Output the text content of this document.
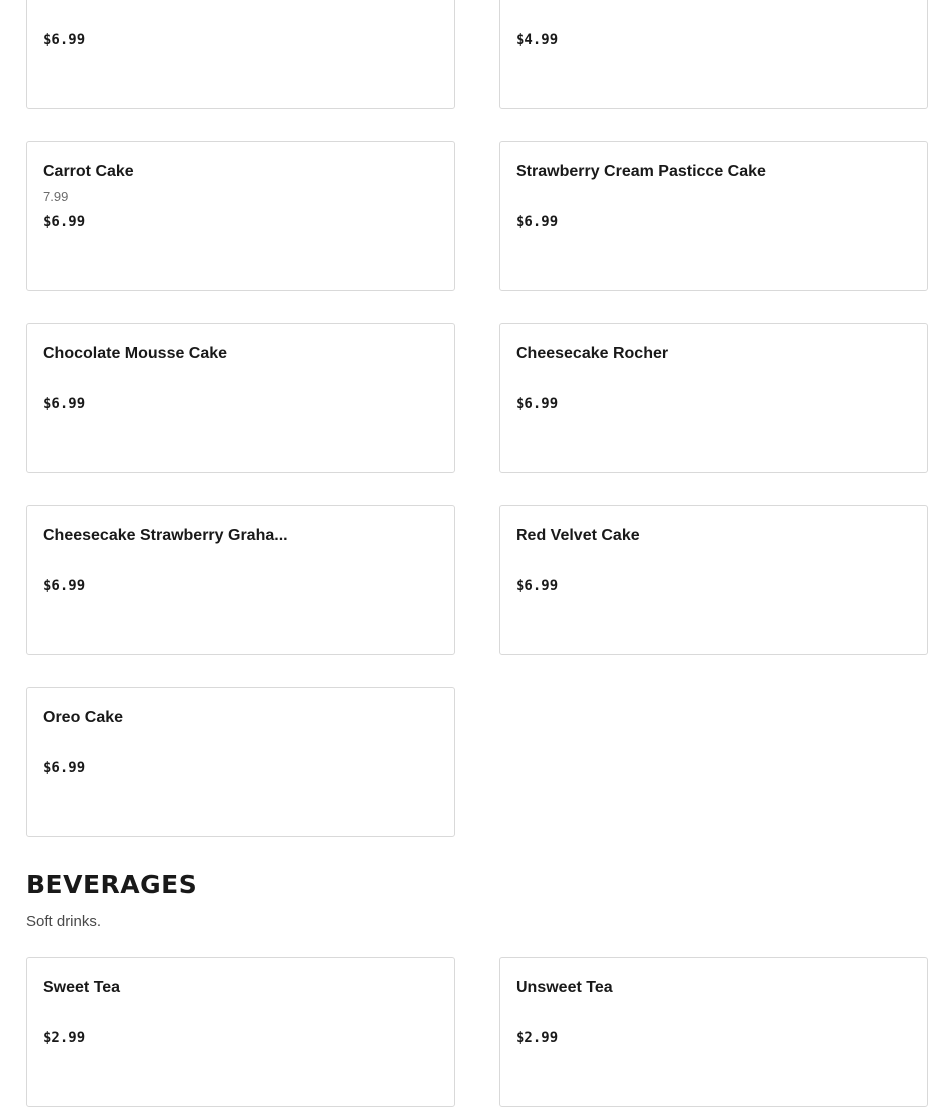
$6.99	$4.99
Carrot Cake
7.99
$6.99
Strawberry Cream Pasticce Cake
$6.99
Chocolate Mousse Cake
$6.99
Cheesecake Rocher
$6.99
Cheesecake Strawberry Graha...
$6.99
Red Velvet Cake
$6.99
Oreo Cake
$6.99
BEVERAGES
Soft drinks.
Sweet Tea
$2.99
Unsweet Tea
$2.99
